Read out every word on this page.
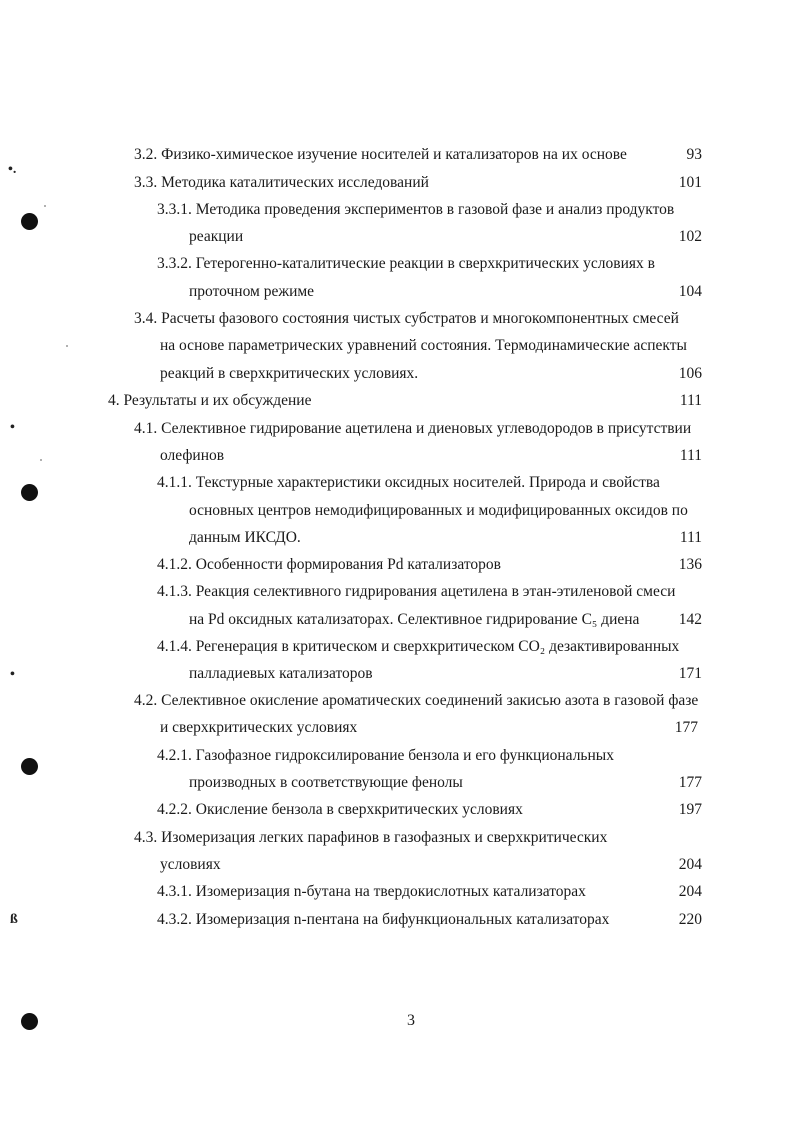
•.
•
•
ß
3.2. Физико-химическое изучение носителей и катализаторов на их основе	93
3.3. Методика каталитических исследований	101
3.3.1. Методика проведения экспериментов в газовой фазе и анализ продуктов
реакции	102
3.3.2. Гетерогенно-каталитические реакции в сверхкритических условиях в
проточном режиме	104
3.4. Расчеты фазового состояния чистых субстратов и многокомпонентных смесей
на основе параметрических уравнений состояния. Термодинамические аспекты
реакций в сверхкритических условиях.	106
4. Результаты и их обсуждение	111
4.1. Селективное гидрирование ацетилена и диеновых углеводородов в присутствии
олефинов	111
4.1.1. Текстурные характеристики оксидных носителей. Природа и свойства
основных центров немодифицированных и модифицированных оксидов по
данным ИКСДО.	111
4.1.2. Особенности формирования Pd катализаторов	136
4.1.3. Реакция селективного гидрирования ацетилена в этан-этиленовой смеси
на Pd оксидных катализаторах. Селективное гидрирование C₅ диена	142
4.1.4. Регенерация в критическом и сверхкритическом CO₂ дезактивированных
палладиевых катализаторов	171
4.2. Селективное окисление ароматических соединений закисью азота в газовой фазе
и сверхкритических условиях	177
4.2.1. Газофазное гидроксилирование бензола и его функциональных
производных в соответствующие фенолы	177
4.2.2. Окисление бензола в сверхкритических условиях	197
4.3. Изомеризация легких парафинов в газофазных и сверхкритических
условиях	204
4.3.1. Изомеризация n-бутана на твердокислотных катализаторах	204
4.3.2. Изомеризация n-пентана на бифункциональных катализаторах	220
3
